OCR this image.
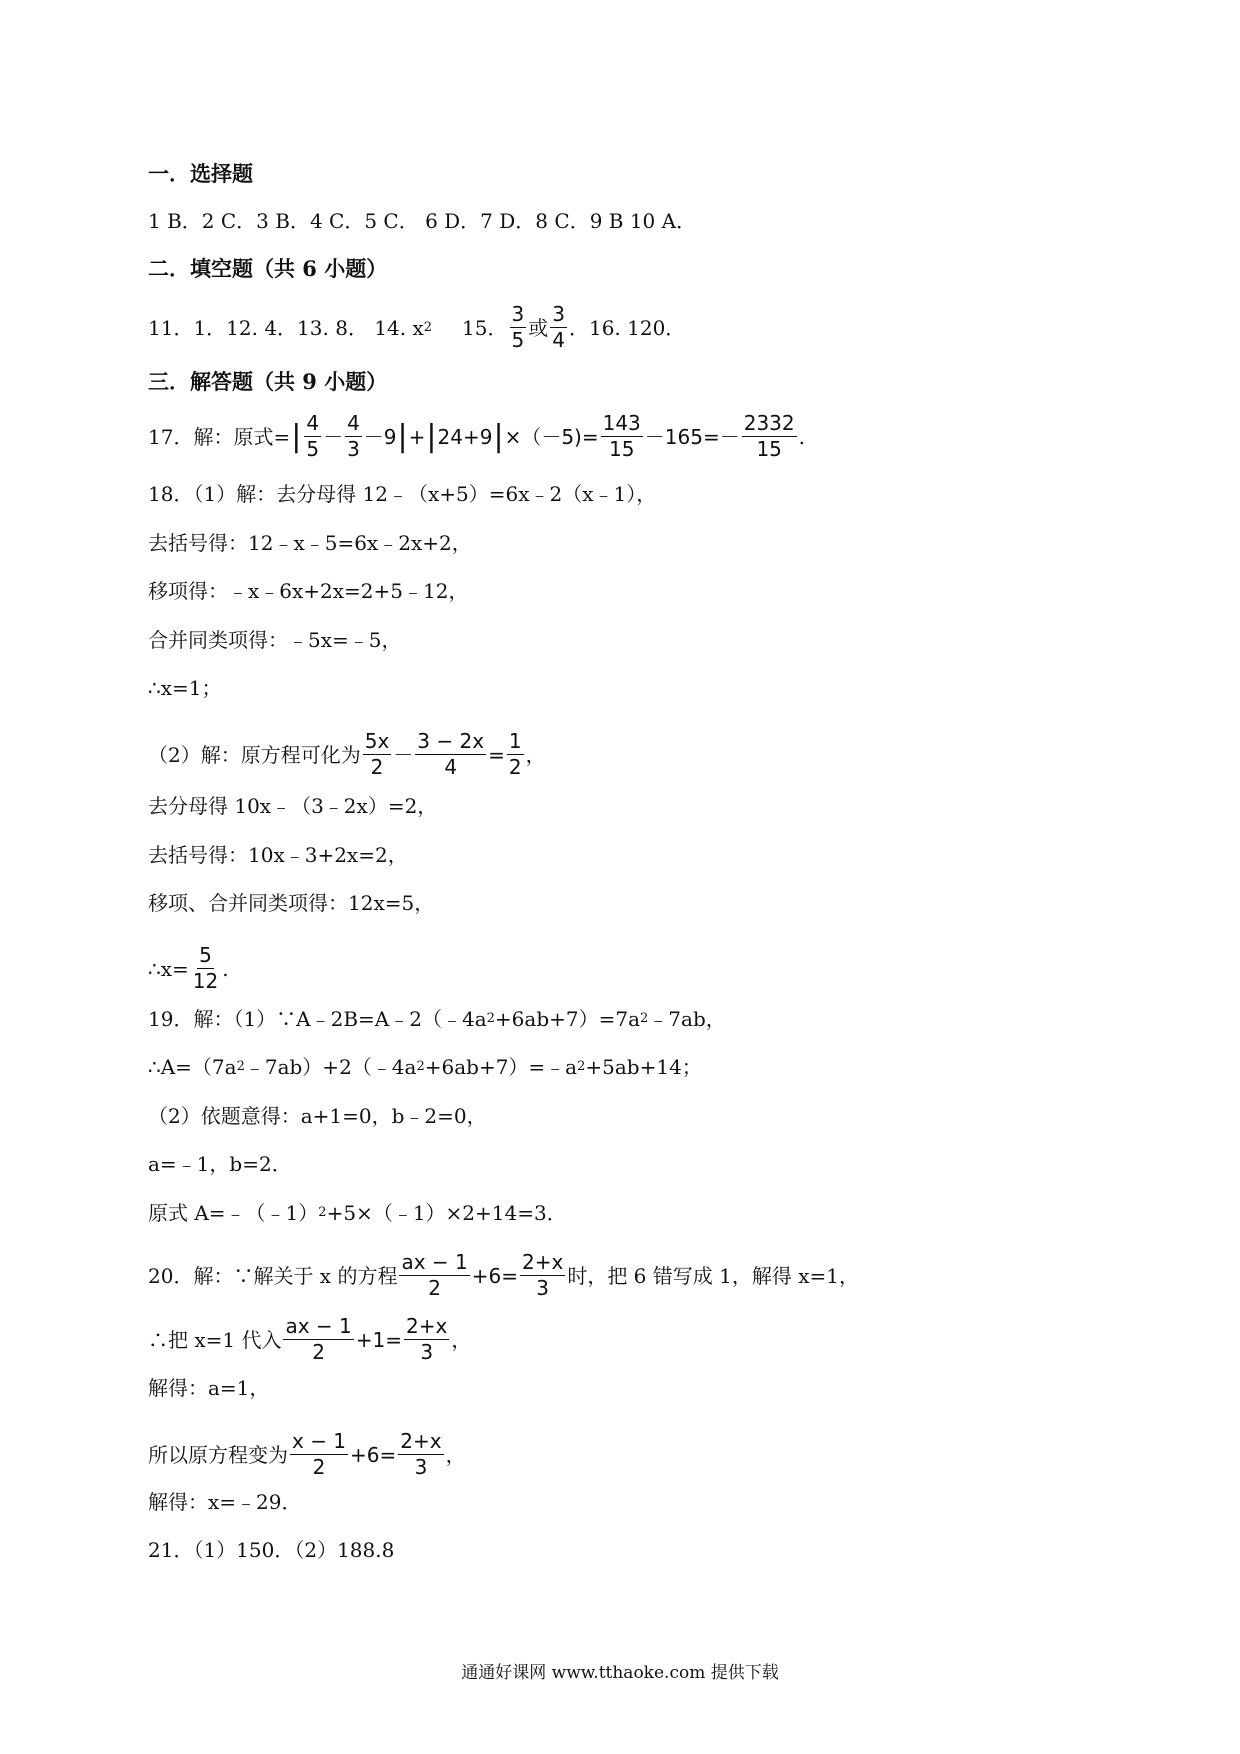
一．选择题
1 B．2 C．3 B．4 C．5 C． 6 D．7 D．8 C．9 B 10 A．
二．填空题（共 6 小题）
11．1．12. 4．13. 8． 14. x 2 15． $\frac{3}{5}$ 或 $\frac{3}{4}$ ．16. 120．
三．解答题（共 9 小题）
17．解：原式= | $\frac{4}{5} - \frac{4}{3} -9$ | + | 24+9 | $\times(-5)= \frac{143}{15} -165=- \frac{2332}{15}$ .
18．（1）解：去分母得 12﹣（x+5）=6x﹣2（x﹣1），
去括号得：12﹣x﹣5=6x﹣2x+2，
移项得：﹣x﹣6x+2x=2+5﹣12，
合并同类项得：﹣5x=﹣5，
∴x=1；
（2）解：原方程可化为 $\frac{5x}{2} - \frac{3 - 2x}{4} = \frac{1}{2}$ ，
去分母得 10x﹣（3﹣2x）=2，
去括号得：10x﹣3+2x=2，
移项、合并同类项得：12x=5，
∴x= $\frac{5}{12}$ .
19．解：（1）∵A﹣2B=A﹣2（﹣4a 2 +6ab+7）=7a 2 ﹣7ab，
∴A=（7a 2 ﹣7ab）+2（﹣4a 2 +6ab+7）=﹣a 2 +5ab+14；
（2）依题意得：a+1=0，b﹣2=0，
a=﹣1，b=2．
原式 A=﹣（﹣1） 2 +5×（﹣1）×2+14=3．
20．解：∵解关于 x 的方程 $\frac{ax - 1}{2} +6= \frac{2+x}{3}$ 时，把 6 错写成 1，解得 x=1，
∴把 x=1 代入 $\frac{ax - 1}{2} +1= \frac{2+x}{3}$ ，
解得：a=1，
所以原方程变为 $\frac{x - 1}{2} +6= \frac{2+x}{3}$ ，
解得：x=﹣29．
21．（1）150．（2）188.8
通通好课网 www.tthaoke.com 提供下载
